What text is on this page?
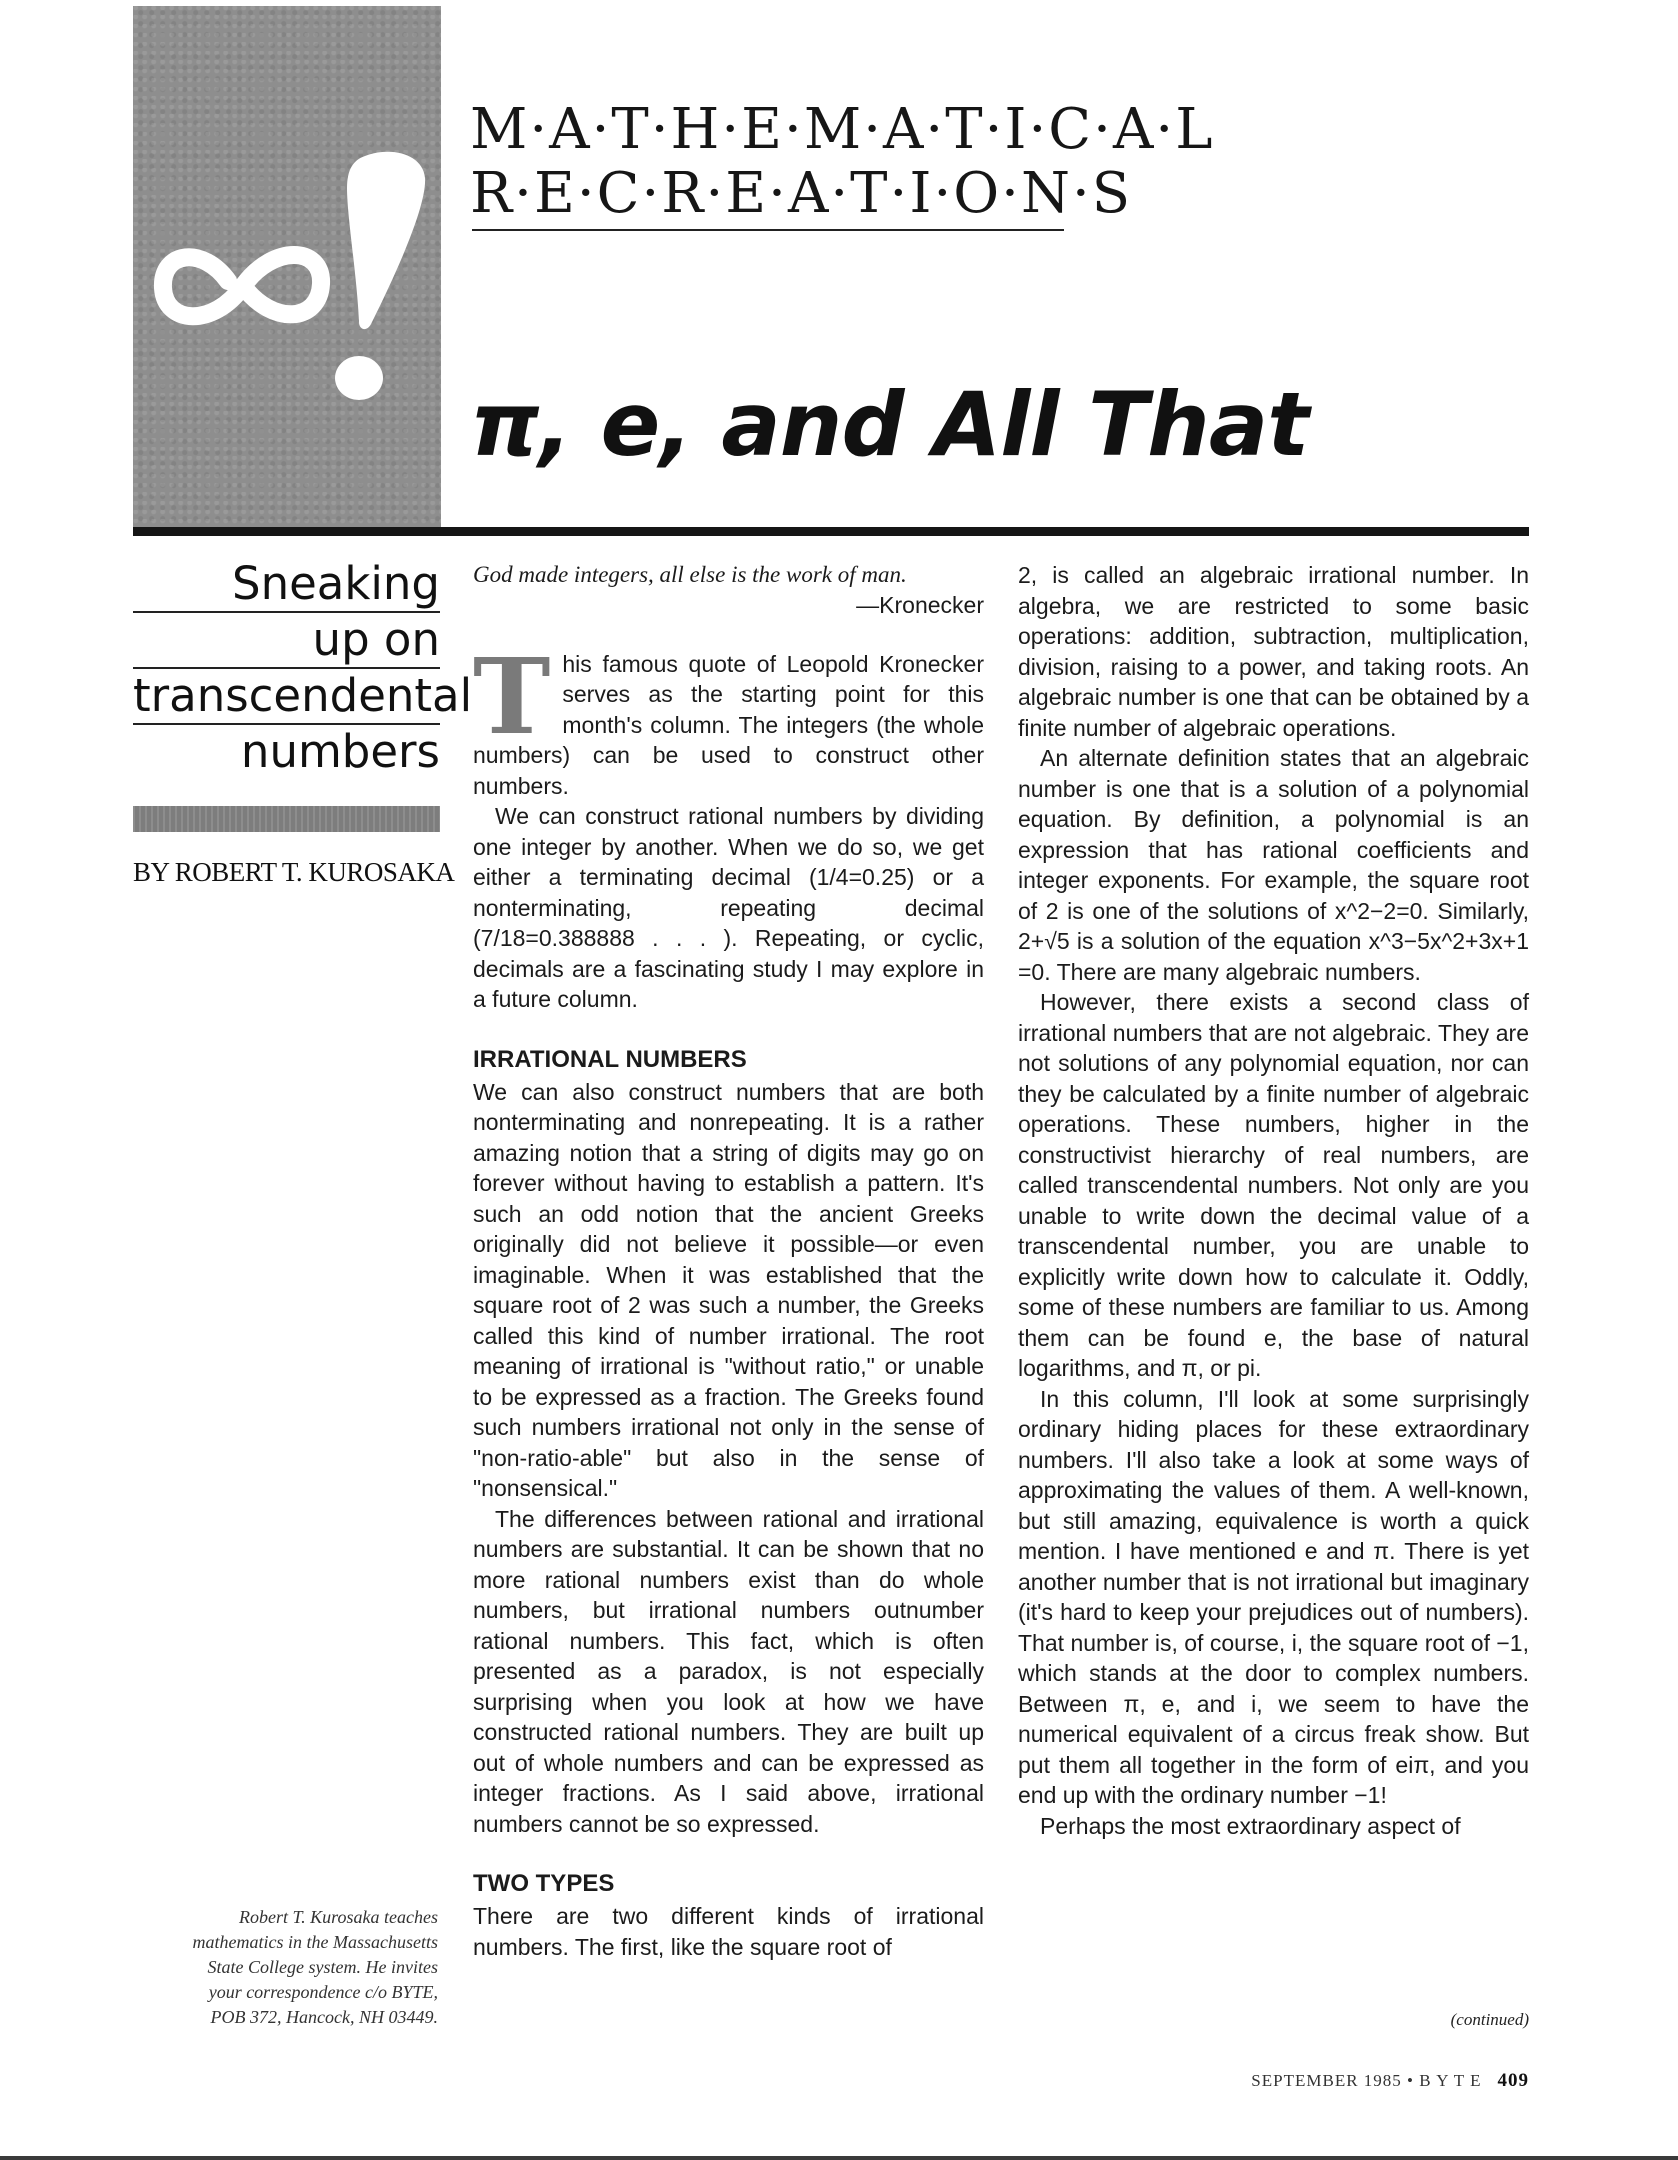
M·A·T·H·E·M·A·T·I·C·A·L
R·E·C·R·E·A·T·I·O·N·S
π, e, and All That
Sneaking
up on
transcendental
numbers
BY ROBERT T. KUROSAKA
Robert T. Kurosaka teaches
mathematics in the Massachusetts
State College system. He invites
your correspondence c/o BYTE,
POB 372, Hancock, NH 03449.
God made integers, all else is the work of man.
—Kronecker

This famous quote of Leopold Kronecker serves as the starting point for this month's column. The integers (the whole numbers) can be used to construct other numbers.

We can construct rational numbers by dividing one integer by another. When we do so, we get either a terminating decimal (1/4=0.25) or a nonterminating, repeating decimal (7/18=0.388888 . . . ). Repeating, or cyclic, decimals are a fascinating study I may explore in a future column.

IRRATIONAL NUMBERS

We can also construct numbers that are both nonterminating and nonrepeating. It is a rather amazing notion that a string of digits may go on forever without having to establish a pattern. It's such an odd notion that the ancient Greeks originally did not believe it possible—or even imaginable. When it was established that the square root of 2 was such a number, the Greeks called this kind of number irrational. The root meaning of irrational is "without ratio," or unable to be expressed as a fraction. The Greeks found such numbers irrational not only in the sense of "non-ratio-able" but also in the sense of "nonsensical."

The differences between rational and irrational numbers are substantial. It can be shown that no more rational numbers exist than do whole numbers, but irrational numbers outnumber rational numbers. This fact, which is often presented as a paradox, is not especially surprising when you look at how we have constructed rational numbers. They are built up out of whole numbers and can be expressed as integer fractions. As I said above, irrational numbers cannot be so expressed.

TWO TYPES

There are two different kinds of irrational numbers. The first, like the square root of

2, is called an algebraic irrational number. In algebra, we are restricted to some basic operations: addition, subtraction, multiplication, division, raising to a power, and taking roots. An algebraic number is one that can be obtained by a finite number of algebraic operations.

An alternate definition states that an algebraic number is one that is a solution of a polynomial equation. By definition, a polynomial is an expression that has rational coefficients and integer exponents. For example, the square root of 2 is one of the solutions of x^2−2=0. Similarly, 2+√5 is a solution of the equation x^3−5x^2+3x+1 =0. There are many algebraic numbers.

However, there exists a second class of irrational numbers that are not algebraic. They are not solutions of any polynomial equation, nor can they be calculated by a finite number of algebraic operations. These numbers, higher in the constructivist hierarchy of real numbers, are called transcendental numbers. Not only are you unable to write down the decimal value of a transcendental number, you are unable to explicitly write down how to calculate it. Oddly, some of these numbers are familiar to us. Among them can be found e, the base of natural logarithms, and π, or pi.

In this column, I'll look at some surprisingly ordinary hiding places for these extraordinary numbers. I'll also take a look at some ways of approximating the values of them. A well-known, but still amazing, equivalence is worth a quick mention. I have mentioned e and π. There is yet another number that is not irrational but imaginary (it's hard to keep your prejudices out of numbers). That number is, of course, i, the square root of −1, which stands at the door to complex numbers. Between π, e, and i, we seem to have the numerical equivalent of a circus freak show. But put them all together in the form of eiπ, and you end up with the ordinary number −1!

Perhaps the most extraordinary aspect of

(continued)
SEPTEMBER 1985 • B Y T E 409
